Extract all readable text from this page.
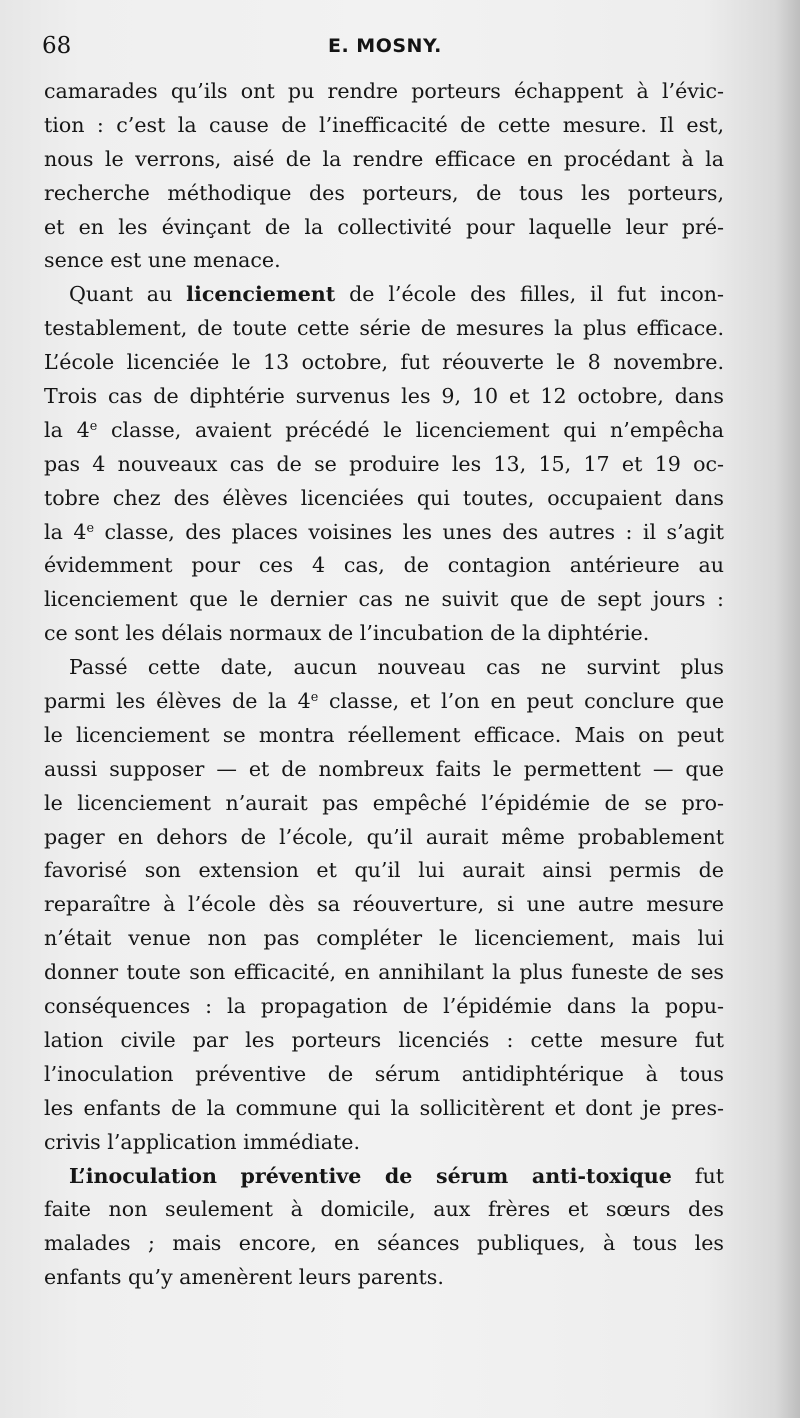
68	E. MOSNY.
camarades qu’ils ont pu rendre porteurs échappent à l’évic-
tion : c’est la cause de l’inefficacité de cette mesure. Il est,
nous le verrons, aisé de la rendre efficace en procédant à la
recherche méthodique des porteurs, de tous les porteurs,
et en les évinçant de la collectivité pour laquelle leur pré-
sence est une menace.
Quant au licenciement de l’école des filles, il fut incon-
testablement, de toute cette série de mesures la plus efficace.
L’école licenciée le 13 octobre, fut réouverte le 8 novembre.
Trois cas de diphtérie survenus les 9, 10 et 12 octobre, dans
la 4e classe, avaient précédé le licenciement qui n’empêcha
pas 4 nouveaux cas de se produire les 13, 15, 17 et 19 oc-
tobre chez des élèves licenciées qui toutes, occupaient dans
la 4e classe, des places voisines les unes des autres : il s’agit
évidemment pour ces 4 cas, de contagion antérieure au
licenciement que le dernier cas ne suivit que de sept jours :
ce sont les délais normaux de l’incubation de la diphtérie.
Passé cette date, aucun nouveau cas ne survint plus
parmi les élèves de la 4e classe, et l’on en peut conclure que
le licenciement se montra réellement efficace. Mais on peut
aussi supposer — et de nombreux faits le permettent — que
le licenciement n’aurait pas empêché l’épidémie de se pro-
pager en dehors de l’école, qu’il aurait même probablement
favorisé son extension et qu’il lui aurait ainsi permis de
reparaître à l’école dès sa réouverture, si une autre mesure
n’était venue non pas compléter le licenciement, mais lui
donner toute son efficacité, en annihilant la plus funeste de ses
conséquences : la propagation de l’épidémie dans la popu-
lation civile par les porteurs licenciés : cette mesure fut
l’inoculation préventive de sérum antidiphtérique à tous
les enfants de la commune qui la sollicitèrent et dont je pres-
crivis l’application immédiate.
L’inoculation préventive de sérum anti-toxique fut
faite non seulement à domicile, aux frères et sœurs des
malades ; mais encore, en séances publiques, à tous les
enfants qu’y amenèrent leurs parents.
